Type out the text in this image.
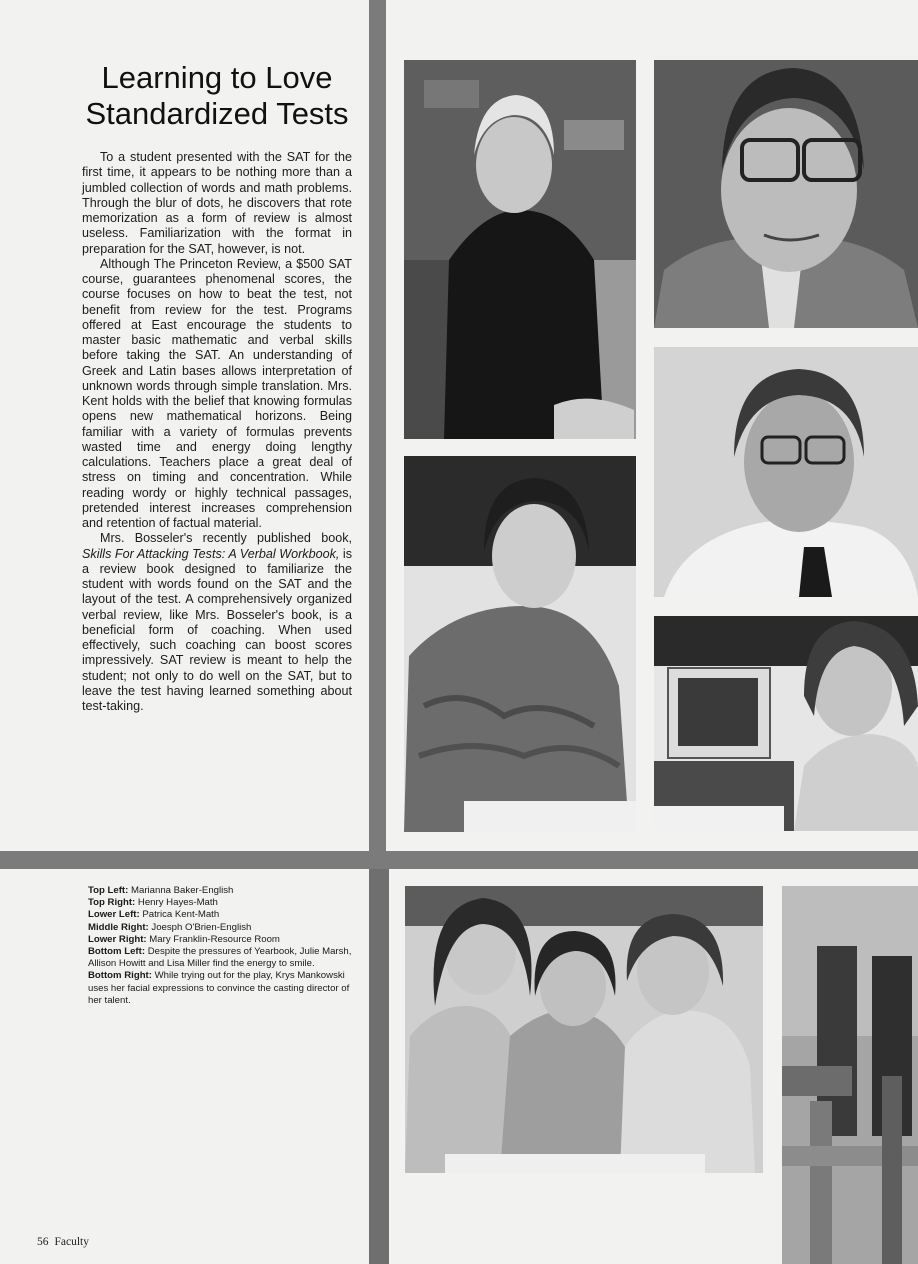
Learning to Love
Standardized Tests

To a student presented with the SAT for the first time, it appears to be nothing more than a jumbled collection of words and math problems. Through the blur of dots, he discovers that rote memorization as a form of review is almost useless. Familiarization with the format in preparation for the SAT, however, is not.

Although The Princeton Review, a $500 SAT course, guarantees phenomenal scores, the course focuses on how to beat the test, not benefit from review for the test. Programs offered at East encourage the students to master basic mathematic and verbal skills before taking the SAT. An understanding of Greek and Latin bases allows interpretation of unknown words through simple translation. Mrs. Kent holds with the belief that knowing formulas opens new mathematical horizons. Being familiar with a variety of formulas prevents wasted time and energy doing lengthy calculations. Teachers place a great deal of stress on timing and concentration. While reading wordy or highly technical passages, pretended interest increases comprehension and retention of factual material.

Mrs. Bosseler's recently published book, Skills For Attacking Tests: A Verbal Workbook, is a review book designed to familiarize the student with words found on the SAT and the layout of the test. A comprehensively organized verbal review, like Mrs. Bosseler's book, is a beneficial form of coaching. When used effectively, such coaching can boost scores impressively. SAT review is meant to help the student; not only to do well on the SAT, but to leave the test having learned something about test-taking.

Top Left: Marianna Baker-English
Top Right: Henry Hayes-Math
Lower Left: Patrica Kent-Math
Middle Right: Joesph O'Brien-English
Lower Right: Mary Franklin-Resource Room
Bottom Left: Despite the pressures of Yearbook, Julie Marsh, Allison Howitt and Lisa Miller find the energy to smile.
Bottom Right: While trying out for the play, Krys Mankowski uses her facial expressions to convince the casting director of her talent.
56 Faculty
